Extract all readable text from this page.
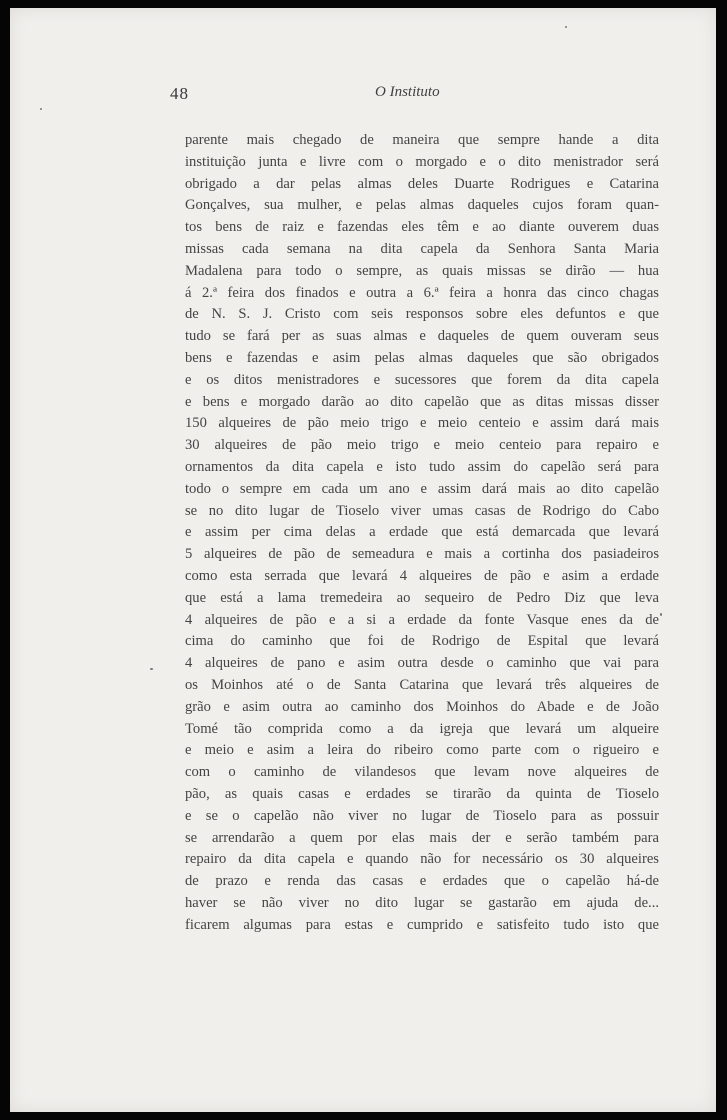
48	O Instituto
parente mais chegado de maneira que sempre hande a dita
instituição junta e livre com o morgado e o dito menistrador será
obrigado a dar pelas almas deles Duarte Rodrigues e Catarina
Gonçalves, sua mulher, e pelas almas daqueles cujos foram quan-
tos bens de raiz e fazendas eles têm e ao diante ouverem duas
missas cada semana na dita capela da Senhora Santa Maria
Madalena para todo o sempre, as quais missas se dirão — hua
á 2.ª feira dos finados e outra a 6.ª feira a honra das cinco chagas
de N. S. J. Cristo com seis responsos sobre eles defuntos e que
tudo se fará per as suas almas e daqueles de quem ouveram seus
bens e fazendas e asim pelas almas daqueles que são obrigados
e os ditos menistradores e sucessores que forem da dita capela
e bens e morgado darão ao dito capelão que as ditas missas disser
150 alqueires de pão meio trigo e meio centeio e assim dará mais
30 alqueires de pão meio trigo e meio centeio para repairo e
ornamentos da dita capela e isto tudo assim do capelão será para
todo o sempre em cada um ano e assim dará mais ao dito capelão
se no dito lugar de Tioselo viver umas casas de Rodrigo do Cabo
e assim per cima delas a erdade que está demarcada que levará
5 alqueires de pão de semeadura e mais a cortinha dos pasiadeiros
como esta serrada que levará 4 alqueires de pão e asim a erdade
que está a lama tremedeira ao sequeiro de Pedro Diz que leva
4 alqueires de pão e a si a erdade da fonte Vasque enes da de
cima do caminho que foi de Rodrigo de Espital que levará
4 alqueires de pano e asim outra desde o caminho que vai para
os Moinhos até o de Santa Catarina que levará três alqueires de
grão e asim outra ao caminho dos Moinhos do Abade e de João
Tomé tão comprida como a da igreja que levará um alqueire
e meio e asim a leira do ribeiro como parte com o rigueiro e
com o caminho de vilandesos que levam nove alqueires de
pão, as quais casas e erdades se tirarão da quinta de Tioselo
e se o capelão não viver no lugar de Tioselo para as possuir
se arrendarão a quem por elas mais der e serão também para
repairo da dita capela e quando não for necessário os 30 alqueires
de prazo e renda das casas e erdades que o capelão há-de
haver se não viver no dito lugar se gastarão em ajuda de...
ficarem algumas para estas e cumprido e satisfeito tudo isto que
